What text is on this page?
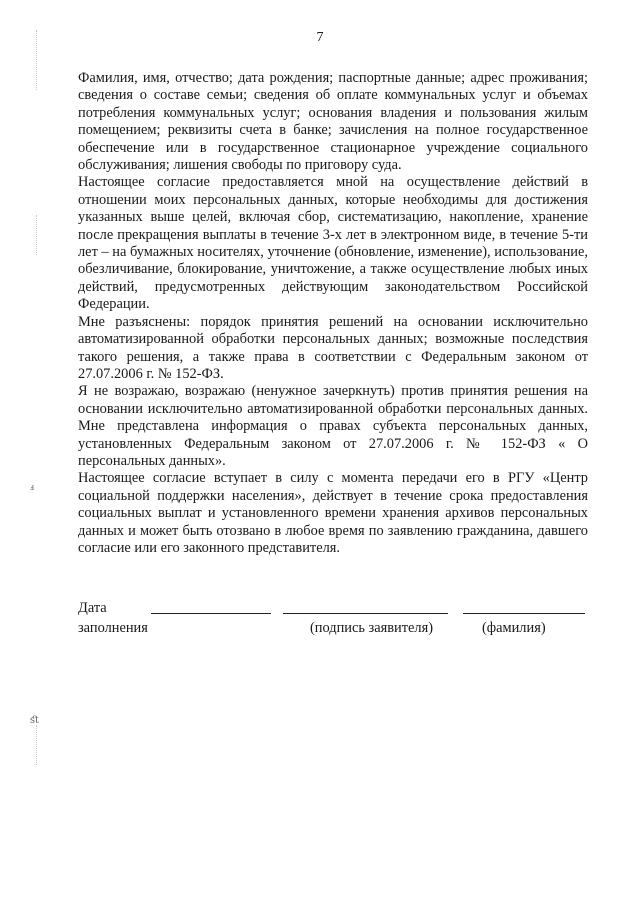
ⅎ
ﬆ
7

Фамилия, имя, отчество; дата рождения; паспортные данные; адрес проживания; сведения о составе семьи; сведения об оплате коммунальных услуг и объемах потребления коммунальных услуг; основания владения и пользования жилым помещением; реквизиты счета в банке; зачисления на полное государственное обеспечение или в государственное стационарное учреждение социального обслуживания; лишения свободы по приговору суда.

Настоящее согласие предоставляется мной на осуществление действий в отношении моих персональных данных, которые необходимы для достижения указанных выше целей, включая сбор, систематизацию, накопление, хранение после прекращения выплаты в течение 3-х лет в электронном виде, в течение 5-ти лет – на бумажных носителях, уточнение (обновление, изменение), использование, обезличивание, блокирование, уничтожение, а также осуществление любых иных действий, предусмотренных действующим законодательством Российской Федерации.

Мне разъяснены: порядок принятия решений на основании исключительно автоматизированной обработки персональных данных; возможные последствия такого решения, а также права в соответствии с Федеральным законом от 27.07.2006 г. № 152-ФЗ.

Я не возражаю, возражаю (ненужное зачеркнуть) против принятия решения на основании исключительно автоматизированной обработки персональных данных. Мне представлена информация о правах субъекта персональных данных, установленных Федеральным законом от 27.07.2006 г. № 152-ФЗ « О персональных данных».

Настоящее согласие вступает в силу с момента передачи его в РГУ «Центр социальной поддержки населения», действует в течение срока предоставления социальных выплат и установленного времени хранения архивов персональных данных и может быть отозвано в любое время по заявлению гражданина, давшего согласие или его законного представителя.

Дата
заполнения	(подпись заявителя)	(фамилия)
